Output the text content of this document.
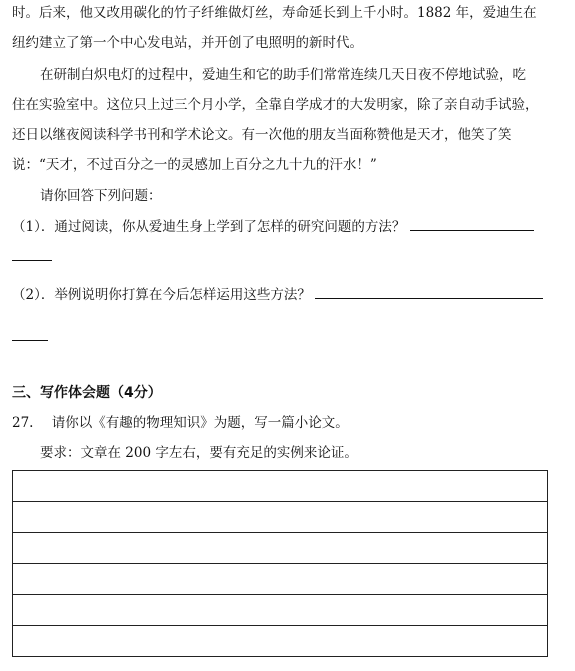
时。后来，他又改用碳化的竹子纤维做灯丝，寿命延长到上千小时。1882 年，爱迪生在
纽约建立了第一个中心发电站，并开创了电照明的新时代。
在研制白炽电灯的过程中，爱迪生和它的助手们常常连续几天日夜不停地试验，吃
住在实验室中。这位只上过三个月小学，全靠自学成才的大发明家，除了亲自动手试验，
还日以继夜阅读科学书刊和学术论文。有一次他的朋友当面称赞他是天才，他笑了笑
说：“天才，不过百分之一的灵感加上百分之九十九的汗水！”
请你回答下列问题：
（1）．通过阅读，你从爱迪生身上学到了怎样的研究问题的方法？
（2）．举例说明你打算在今后怎样运用这些方法？
三、写作体会题（4分）
27. 请你以《有趣的物理知识》为题，写一篇小论文。
要求：文章在 200 字左右，要有充足的实例来论证。
